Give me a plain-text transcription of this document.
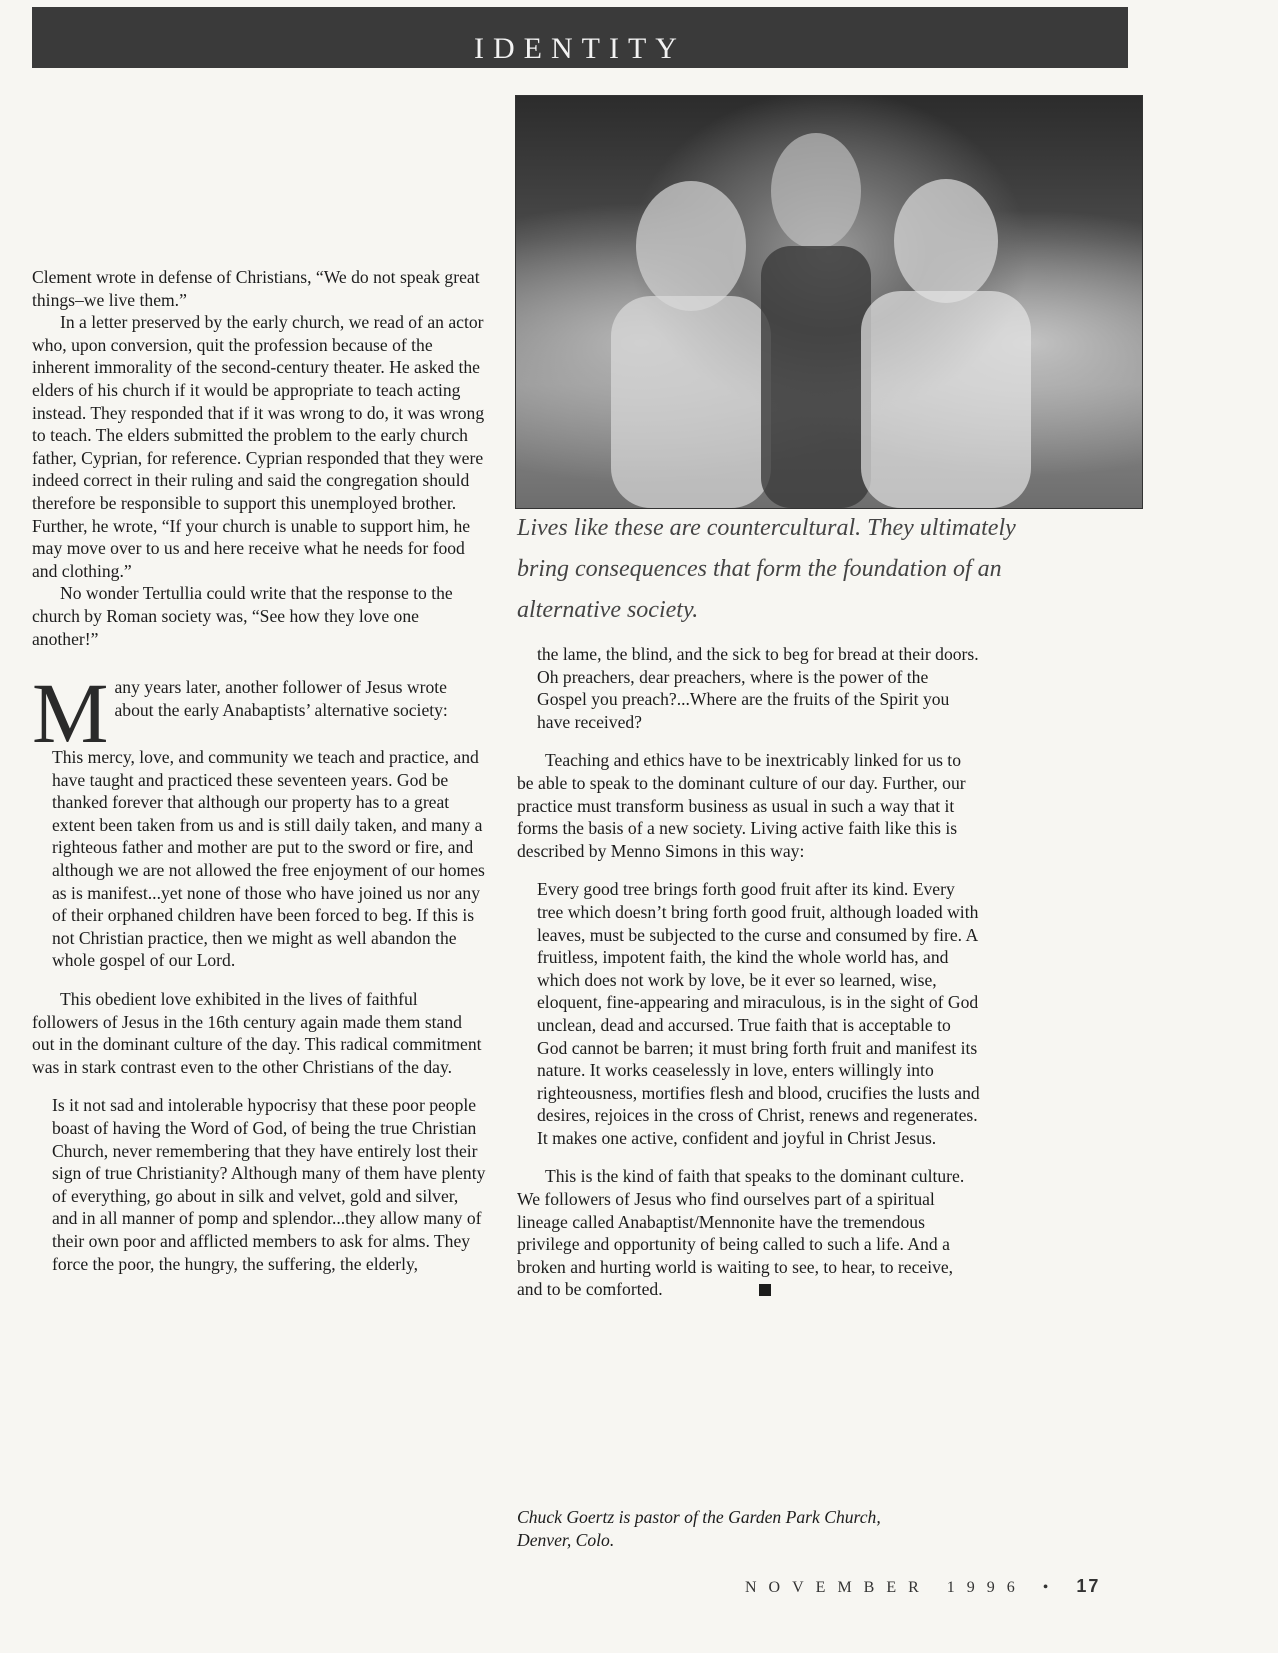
IDENTITY
Lives like these are countercultural. They ultimately bring consequences that form the foundation of an alternative society.

Clement wrote in defense of Christians, “We do not speak great things–we live them.”

In a letter preserved by the early church, we read of an actor who, upon conversion, quit the profession because of the inherent immorality of the second-century theater. He asked the elders of his church if it would be appropriate to teach acting instead. They responded that if it was wrong to do, it was wrong to teach. The elders submitted the problem to the early church father, Cyprian, for reference. Cyprian responded that they were indeed correct in their ruling and said the congregation should therefore be responsible to support this unemployed brother. Further, he wrote, “If your church is unable to support him, he may move over to us and here receive what he needs for food and clothing.”

No wonder Tertullia could write that the response to the church by Roman society was, “See how they love one another!”

Many years later, another follower of Jesus wrote about the early Anabaptists’ alternative society:

This mercy, love, and community we teach and practice, and have taught and practiced these seventeen years. God be thanked forever that although our property has to a great extent been taken from us and is still daily taken, and many a righteous father and mother are put to the sword or fire, and although we are not allowed the free enjoyment of our homes as is manifest...yet none of those who have joined us nor any of their orphaned children have been forced to beg. If this is not Christian practice, then we might as well abandon the whole gospel of our Lord.

This obedient love exhibited in the lives of faithful followers of Jesus in the 16th century again made them stand out in the dominant culture of the day. This radical commitment was in stark contrast even to the other Christians of the day.

Is it not sad and intolerable hypocrisy that these poor people boast of having the Word of God, of being the true Christian Church, never remembering that they have entirely lost their sign of true Christianity? Although many of them have plenty of everything, go about in silk and velvet, gold and silver, and in all manner of pomp and splendor...they allow many of their own poor and afflicted members to ask for alms. They force the poor, the hungry, the suffering, the elderly,

the lame, the blind, and the sick to beg for bread at their doors. Oh preachers, dear preachers, where is the power of the Gospel you preach?...Where are the fruits of the Spirit you have received?

Teaching and ethics have to be inextricably linked for us to be able to speak to the dominant culture of our day. Further, our practice must transform business as usual in such a way that it forms the basis of a new society. Living active faith like this is described by Menno Simons in this way:

Every good tree brings forth good fruit after its kind. Every tree which doesn’t bring forth good fruit, although loaded with leaves, must be subjected to the curse and consumed by fire. A fruitless, impotent faith, the kind the whole world has, and which does not work by love, be it ever so learned, wise, eloquent, fine-appearing and miraculous, is in the sight of God unclean, dead and accursed. True faith that is acceptable to God cannot be barren; it must bring forth fruit and manifest its nature. It works ceaselessly in love, enters willingly into righteousness, mortifies flesh and blood, crucifies the lusts and desires, rejoices in the cross of Christ, renews and regenerates. It makes one active, confident and joyful in Christ Jesus.

This is the kind of faith that speaks to the dominant culture. We followers of Jesus who find ourselves part of a spiritual lineage called Anabaptist/Mennonite have the tremendous privilege and opportunity of being called to such a life. And a broken and hurting world is waiting to see, to hear, to receive, and to be comforted.

Chuck Goertz is pastor of the Garden Park Church, Denver, Colo.
NOVEMBER 1996 • 17
